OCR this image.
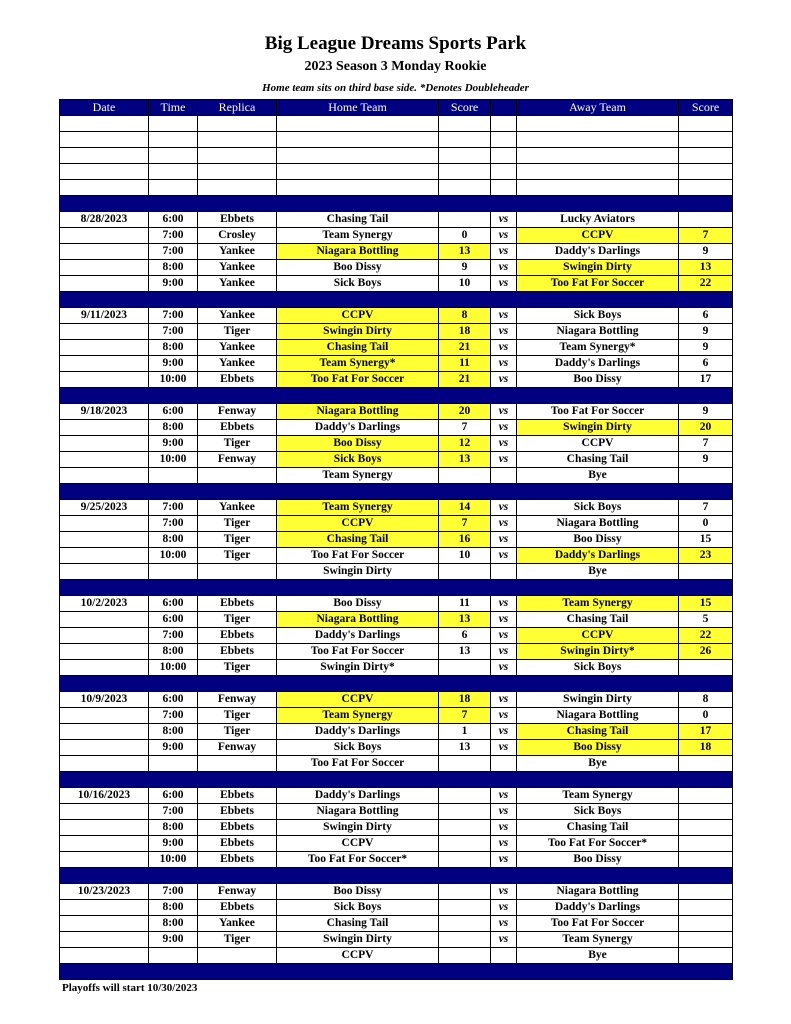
Big League Dreams Sports Park
2023 Season 3 Monday Rookie
Home team sits on third base side. *Denotes Doubleheader
Date	Time	Replica	Home Team	Score		Away Team	Score

8/28/2023	6:00	Ebbets	Chasing Tail		vs	Lucky Aviators	
	7:00	Crosley	Team Synergy	0	vs	CCPV	7
	7:00	Yankee	Niagara Bottling	13	vs	Daddy's Darlings	9
	8:00	Yankee	Boo Dissy	9	vs	Swingin Dirty	13
	9:00	Yankee	Sick Boys	10	vs	Too Fat For Soccer	22

9/11/2023	7:00	Yankee	CCPV	8	vs	Sick Boys	6
	7:00	Tiger	Swingin Dirty	18	vs	Niagara Bottling	9
	8:00	Yankee	Chasing Tail	21	vs	Team Synergy*	9
	9:00	Yankee	Team Synergy*	11	vs	Daddy's Darlings	6
	10:00	Ebbets	Too Fat For Soccer	21	vs	Boo Dissy	17

9/18/2023	6:00	Fenway	Niagara Bottling	20	vs	Too Fat For Soccer	9
	8:00	Ebbets	Daddy's Darlings	7	vs	Swingin Dirty	20
	9:00	Tiger	Boo Dissy	12	vs	CCPV	7
	10:00	Fenway	Sick Boys	13	vs	Chasing Tail	9
			Team Synergy			Bye	

9/25/2023	7:00	Yankee	Team Synergy	14	vs	Sick Boys	7
	7:00	Tiger	CCPV	7	vs	Niagara Bottling	0
	8:00	Tiger	Chasing Tail	16	vs	Boo Dissy	15
	10:00	Tiger	Too Fat For Soccer	10	vs	Daddy's Darlings	23
			Swingin Dirty			Bye	

10/2/2023	6:00	Ebbets	Boo Dissy	11	vs	Team Synergy	15
	6:00	Tiger	Niagara Bottling	13	vs	Chasing Tail	5
	7:00	Ebbets	Daddy's Darlings	6	vs	CCPV	22
	8:00	Ebbets	Too Fat For Soccer	13	vs	Swingin Dirty*	26
	10:00	Tiger	Swingin Dirty*		vs	Sick Boys	

10/9/2023	6:00	Fenway	CCPV	18	vs	Swingin Dirty	8
	7:00	Tiger	Team Synergy	7	vs	Niagara Bottling	0
	8:00	Tiger	Daddy's Darlings	1	vs	Chasing Tail	17
	9:00	Fenway	Sick Boys	13	vs	Boo Dissy	18
			Too Fat For Soccer			Bye	

10/16/2023	6:00	Ebbets	Daddy's Darlings		vs	Team Synergy	
	7:00	Ebbets	Niagara Bottling		vs	Sick Boys	
	8:00	Ebbets	Swingin Dirty		vs	Chasing Tail	
	9:00	Ebbets	CCPV		vs	Too Fat For Soccer*	
	10:00	Ebbets	Too Fat For Soccer*		vs	Boo Dissy	

10/23/2023	7:00	Fenway	Boo Dissy		vs	Niagara Bottling	
	8:00	Ebbets	Sick Boys		vs	Daddy's Darlings	
	8:00	Yankee	Chasing Tail		vs	Too Fat For Soccer	
	9:00	Tiger	Swingin Dirty		vs	Team Synergy	
			CCPV			Bye	

Playoffs will start 10/30/2023
